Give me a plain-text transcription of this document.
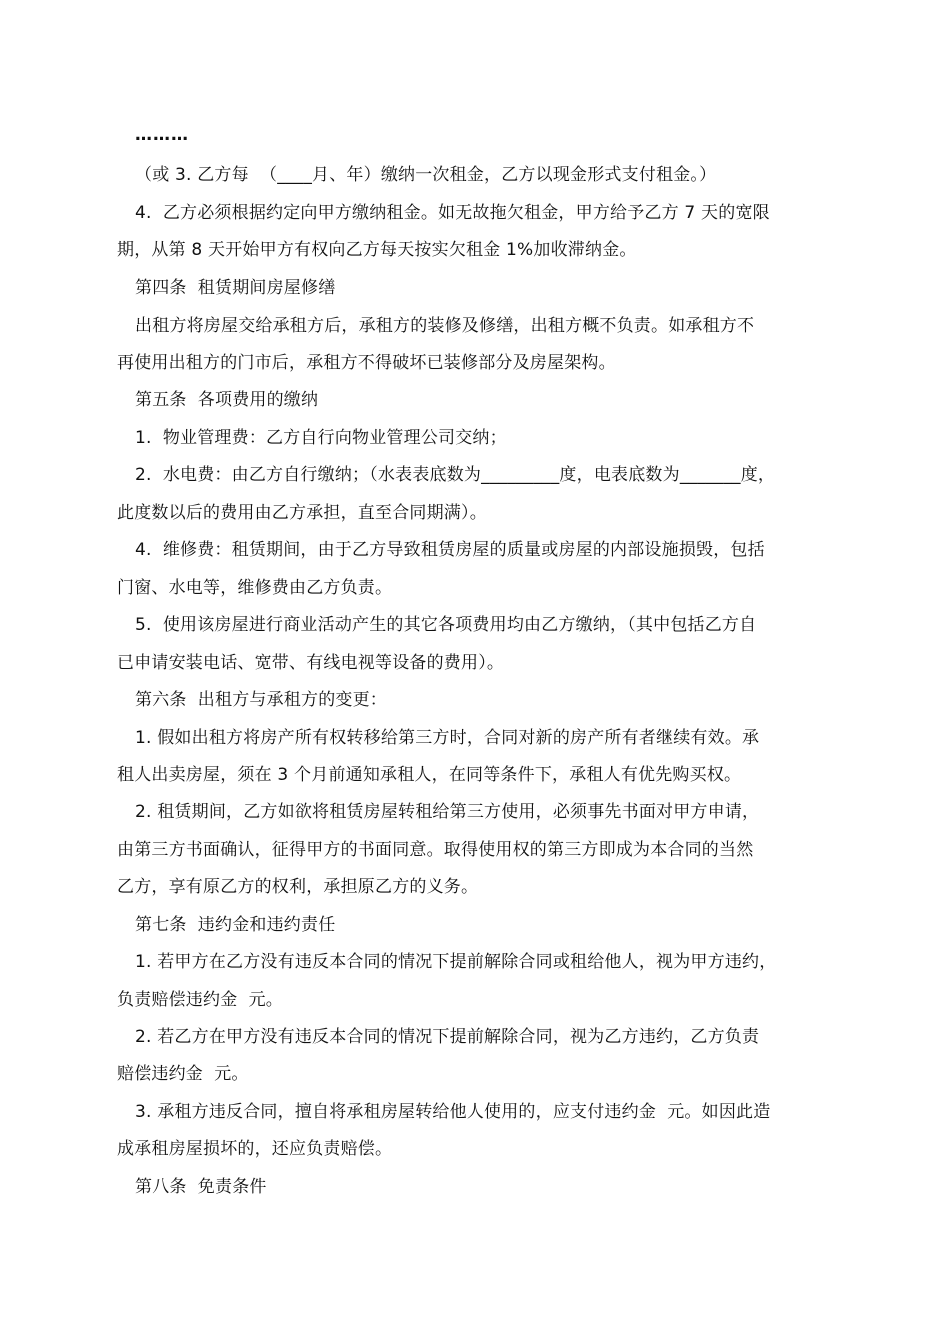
………
（或 3. 乙方每  （____月、年）缴纳一次租金，乙方以现金形式支付租金。）
4.  乙方必须根据约定向甲方缴纳租金。如无故拖欠租金，甲方给予乙方 7 天的宽限
期，从第 8 天开始甲方有权向乙方每天按实欠租金 1%加收滞纳金。
第四条  租赁期间房屋修缮
出租方将房屋交给承租方后，承租方的装修及修缮，出租方概不负责。如承租方不
再使用出租方的门市后，承租方不得破坏已装修部分及房屋架构。
第五条  各项费用的缴纳
1.  物业管理费：乙方自行向物业管理公司交纳；
2.  水电费：由乙方自行缴纳；（水表表底数为_________度，电表底数为_______度，
此度数以后的费用由乙方承担，直至合同期满）。
4.  维修费：租赁期间，由于乙方导致租赁房屋的质量或房屋的内部设施损毁，包括
门窗、水电等，维修费由乙方负责。
5.  使用该房屋进行商业活动产生的其它各项费用均由乙方缴纳，（其中包括乙方自
已申请安装电话、宽带、有线电视等设备的费用）。
第六条  出租方与承租方的变更：
1. 假如出租方将房产所有权转移给第三方时，合同对新的房产所有者继续有效。承
租人出卖房屋，须在 3 个月前通知承租人，在同等条件下，承租人有优先购买权。
2. 租赁期间，乙方如欲将租赁房屋转租给第三方使用，必须事先书面对甲方申请，
由第三方书面确认，征得甲方的书面同意。取得使用权的第三方即成为本合同的当然
乙方，享有原乙方的权利，承担原乙方的义务。
第七条  违约金和违约责任
1. 若甲方在乙方没有违反本合同的情况下提前解除合同或租给他人，视为甲方违约，
负责赔偿违约金  元。
2. 若乙方在甲方没有违反本合同的情况下提前解除合同，视为乙方违约，乙方负责
赔偿违约金  元。
3. 承租方违反合同，擅自将承租房屋转给他人使用的，应支付违约金  元。如因此造
成承租房屋损坏的，还应负责赔偿。
第八条  免责条件
